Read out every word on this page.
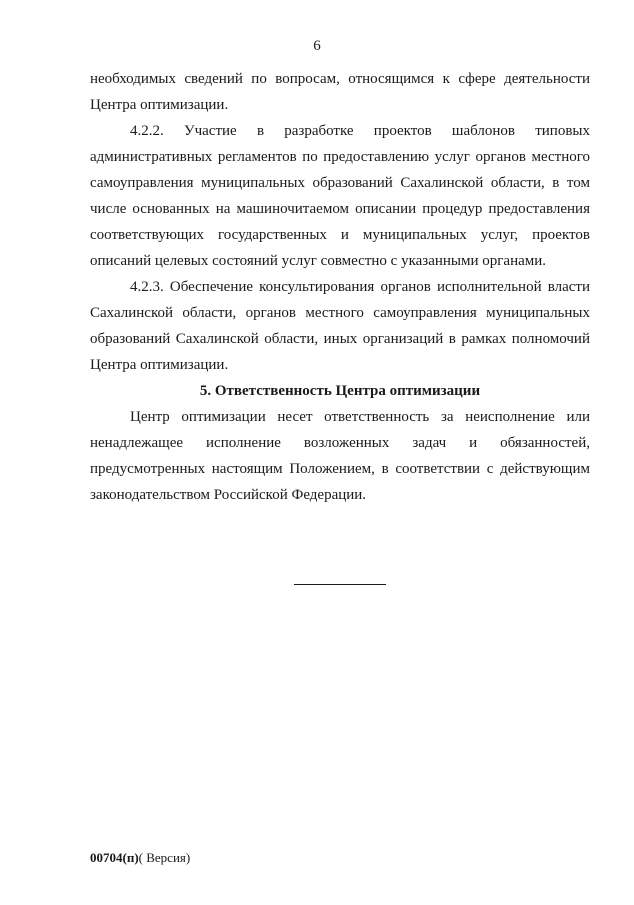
6

необходимых сведений по вопросам, относящимся к сфере деятельности Центра оптимизации.

4.2.2. Участие в разработке проектов шаблонов типовых административных регламентов по предоставлению услуг органов местного самоуправления муниципальных образований Сахалинской области, в том числе основанных на машиночитаемом описании процедур предоставления соответствующих государственных и муниципальных услуг, проектов описаний целевых состояний услуг совместно с указанными органами.

4.2.3. Обеспечение консультирования органов исполнительной власти Сахалинской области, органов местного самоуправления муниципальных образований Сахалинской области, иных организаций в рамках полномочий Центра оптимизации.

5. Ответственность Центра оптимизации

Центр оптимизации несет ответственность за неисполнение или ненадлежащее исполнение возложенных задач и обязанностей, предусмотренных настоящим Положением, в соответствии с действующим законодательством Российской Федерации.

00704(п)( Версия)
